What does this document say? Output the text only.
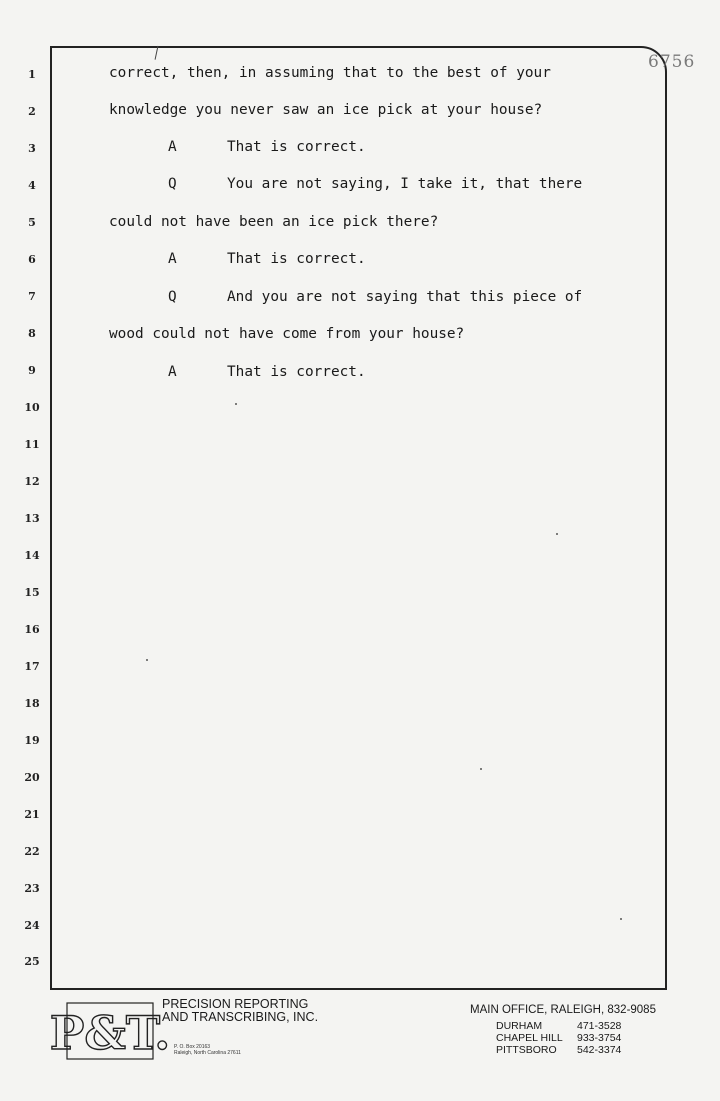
6756
1
2
3
4
5
6
7
8
9
10
11
12
13
14
15
16
17
18
19
20
21
22
23
24
25
correct, then, in assuming that to the best of your
knowledge you never saw an ice pick at your house?
A	That is correct.
Q	You are not saying, I take it, that there
could not have been an ice pick there?
A	That is correct.
Q	And you are not saying that this piece of
wood could not have come from your house?
A	That is correct.
P&T.
PRECISION REPORTING
AND TRANSCRIBING, INC.
P. O. Box 20163
Raleigh, North Carolina 27611
MAIN OFFICE, RALEIGH, 832-9085
DURHAM	471-3528
CHAPEL HILL 933-3754
PITTSBORO 542-3374
